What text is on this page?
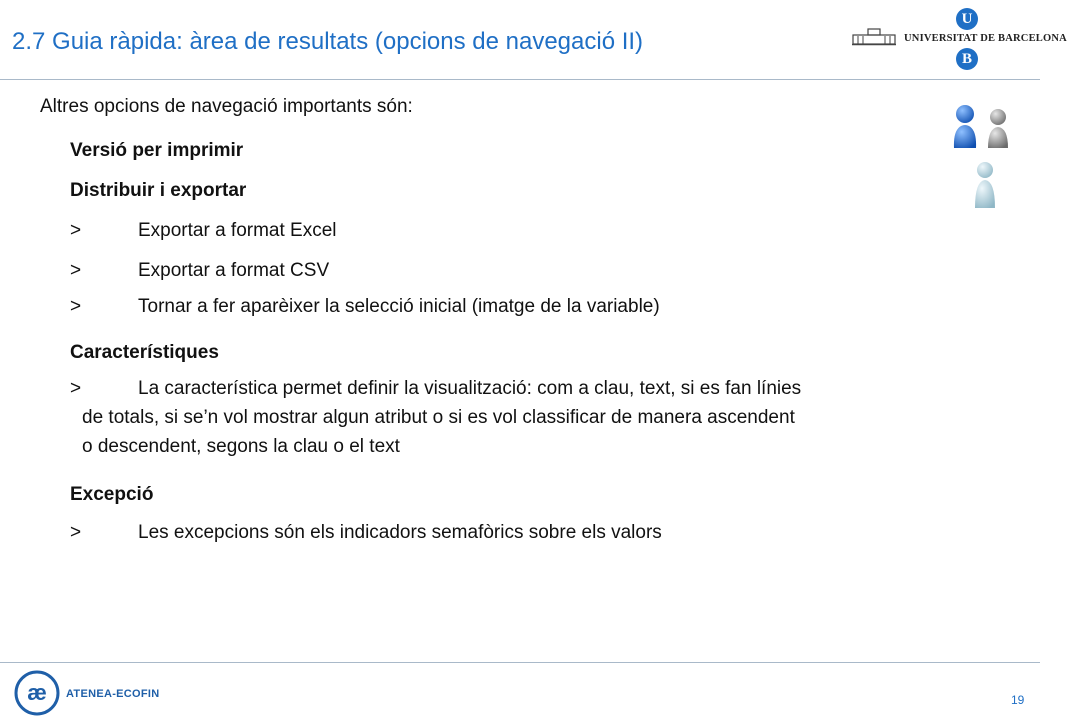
2.7 Guia ràpida: àrea de resultats (opcions de navegació II)	UNIVERSITAT DE BARCELONA
U
B
Altres opcions de navegació importants són:
Versió per imprimir
Distribuir i exportar
>	Exportar a format Excel
>	Exportar a format CSV
>	Tornar a fer aparèixer la selecció inicial (imatge de la variable)
Característiques
>	La característica permet definir la visualització: com a clau, text, si es fan línies
de totals, si se’n vol mostrar algun atribut o si es vol classificar de manera ascendent
o descendent, segons la clau o el text
Excepció
>	Les excepcions són els indicadors semafòrics sobre els valors
æ ATENEA-ECOFIN	19
